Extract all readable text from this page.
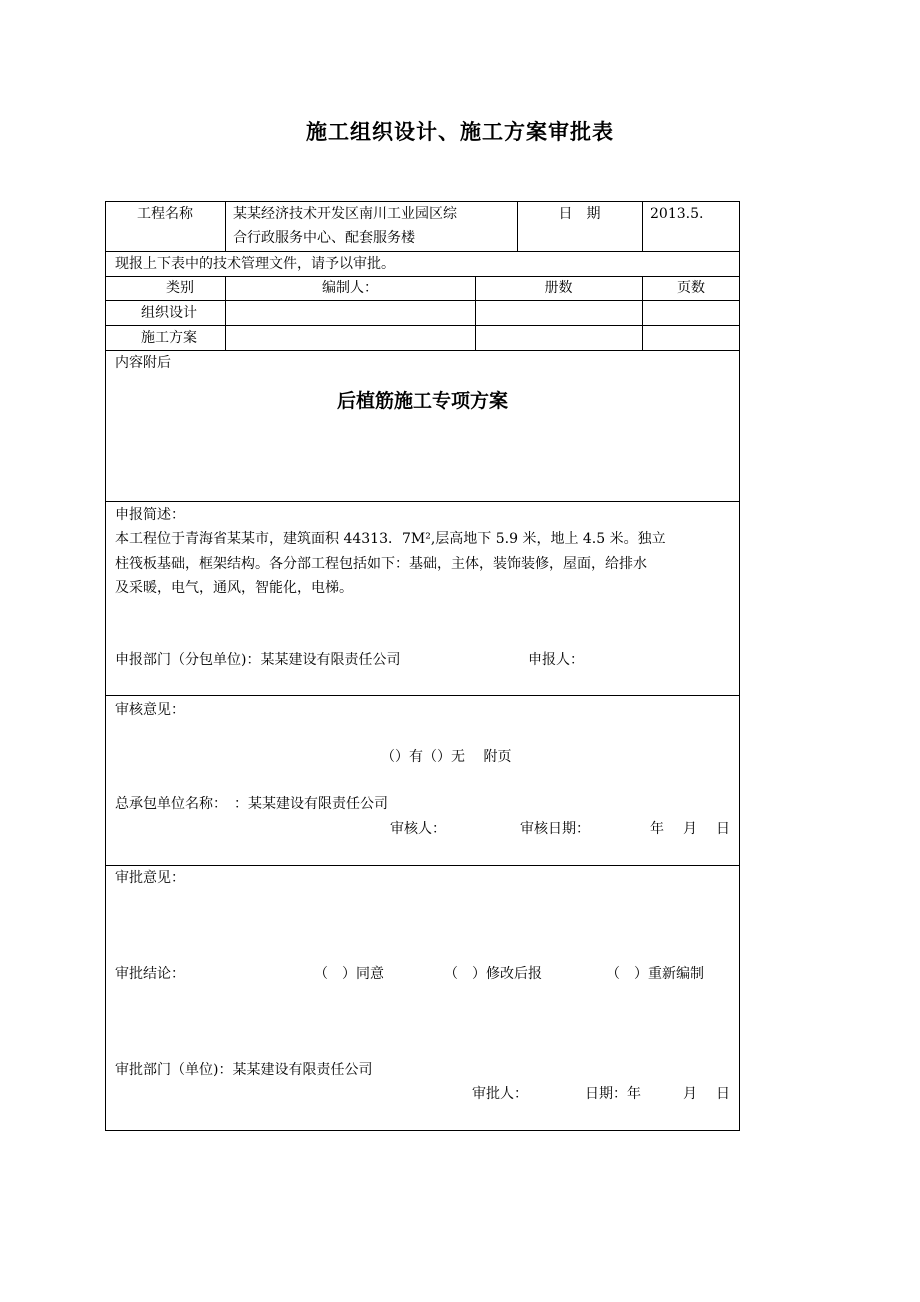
施工组织设计、施工方案审批表
工程名称	某某经济技术开发区南川工业园区综
合行政服务中心、配套服务楼
日　期	2013.5.
现报上下表中的技术管理文件，请予以审批。
类别	编制人：	册数	页数
组织设计
施工方案
内容附后
后植筋施工专项方案
申报简述：
本工程位于青海省某某市，建筑面积 44313．7M²,层高地下 5.9 米，地上 4.5 米。独立
柱筏板基础，框架结构。各分部工程包括如下：基础，主体，装饰装修，屋面，给排水
及采暖，电气，通风，智能化，电梯。
申报部门（分包单位)：某某建设有限责任公司	申报人：
审核意见：
（）有（）无　 附页
总承包单位名称：　：某某建设有限责任公司
审核人：	审核日期：	年 月 日
审批意见：
审批结论：	（　）同意	（　）修改后报	（　）重新编制
审批部门（单位)：某某建设有限责任公司
审批人：	日期：年	月 日
